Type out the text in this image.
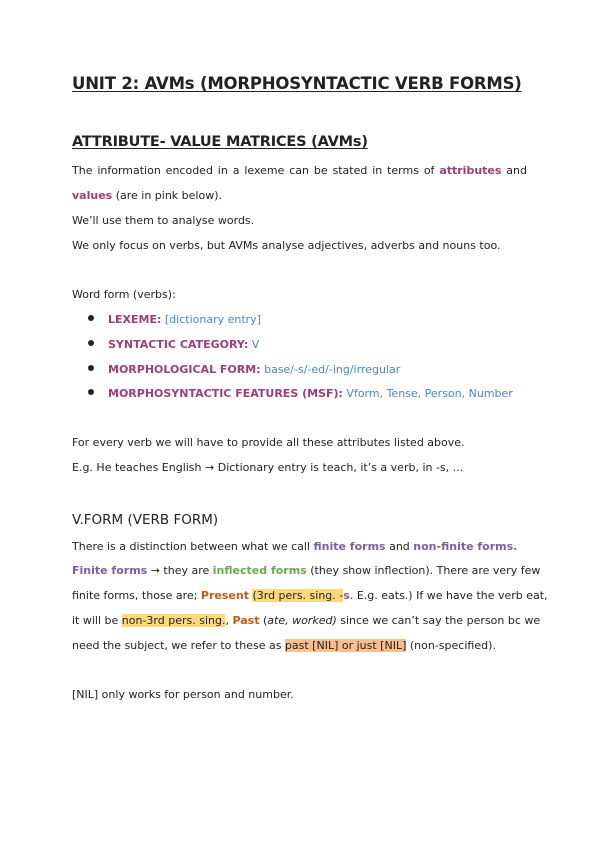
UNIT 2: AVMs (MORPHOSYNTACTIC VERB FORMS)
ATTRIBUTE- VALUE MATRICES (AVMs)
The information encoded in a lexeme can be stated in terms of attributes and
values (are in pink below).
We’ll use them to analyse words.
We only focus on verbs, but AVMs analyse adjectives, adverbs and nouns too.
Word form (verbs):
LEXEME: [dictionary entry]
SYNTACTIC CATEGORY: V
MORPHOLOGICAL FORM: base/-s/-ed/-ing/irregular
MORPHOSYNTACTIC FEATURES (MSF): Vform, Tense, Person, Number
For every verb we will have to provide all these attributes listed above.
E.g. He teaches English → Dictionary entry is teach, it’s a verb, in -s, ...
V.FORM (VERB FORM)
There is a distinction between what we call finite forms and non-finite forms.
Finite forms → they are inflected forms (they show inflection). There are very few
finite forms, those are; Present (3rd pers. sing. -s. E.g. eats.) If we have the verb eat,
it will be non-3rd pers. sing., Past (ate, worked) since we can’t say the person bc we
need the subject, we refer to these as past [NIL] or just [NIL] (non-specified).
[NIL] only works for person and number.
